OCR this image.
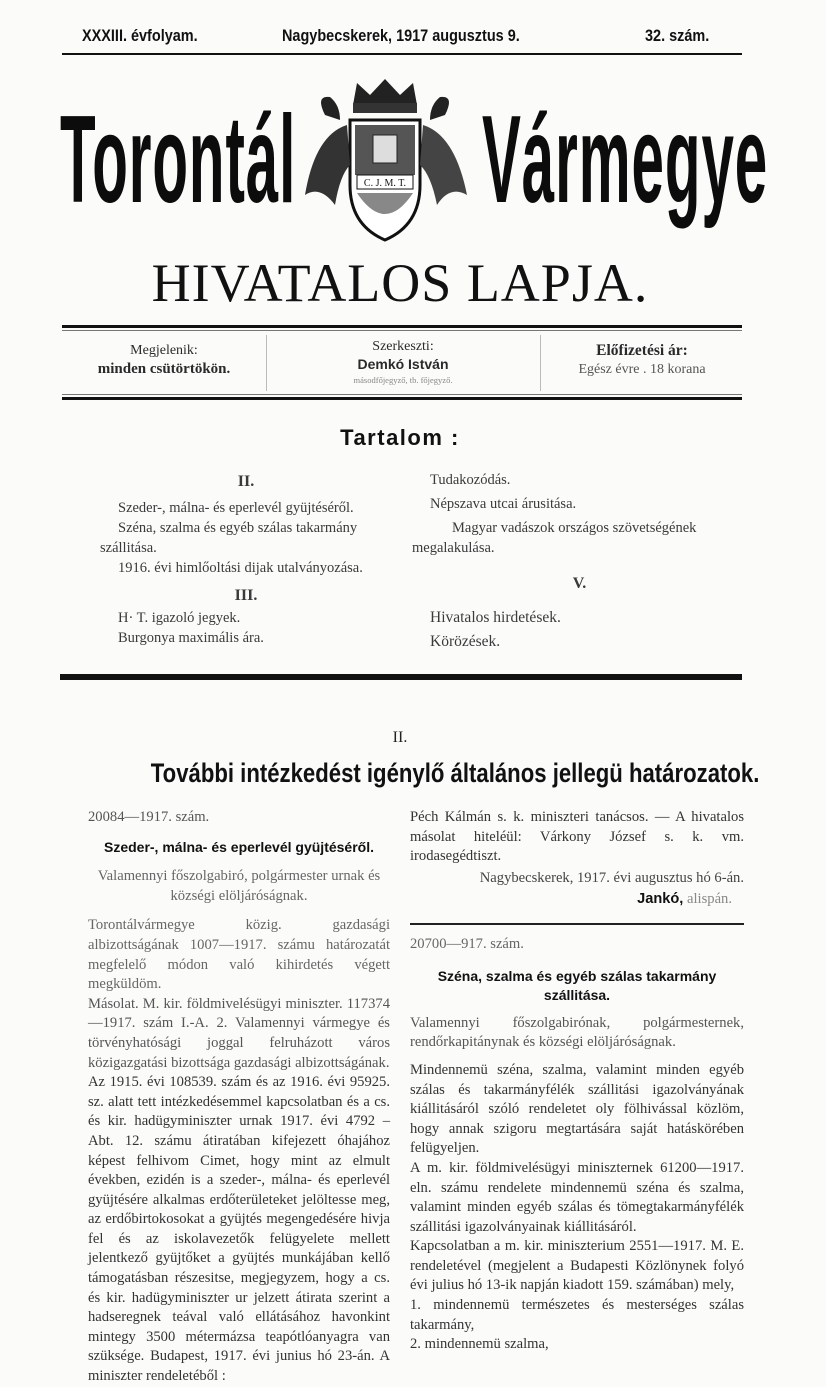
XXXIII. évfolyam.	Nagybecskerek, 1917 augusztus 9.	32. szám.
Torontál Vármegye
C. J. M. T.
HIVATALOS LAPJA.
Megjelenik:
minden csütörtökön.
Szerkeszti:
Demkó István
másodfőjegyző, tb. főjegyző.
Előfizetési ár:
Egész évre . 18 korana
Tartalom :
II.

Szeder-, málna- és eperlevél gyüjtéséről.

Széna, szalma és egyéb szálas takarmány szállitása.

1916. évi himlőoltási dijak utalványozása.

III.

H· T. igazoló jegyek.

Burgonya maximális ára.

Tudakozódás.

Népszava utcai árusitása.

Magyar vadászok országos szövetségének megalakulása.

V.

Hivatalos hirdetések.

Körözések.

II.
További intézkedést igénylő általános jellegü határozatok.

20084—1917. szám.

Szeder-, málna- és eperlevél gyüjtéséről.

Valamennyi főszolgabiró, polgármester urnak és községi elöljáróságnak.

Torontálvármegye közig. gazdasági albizottságának 1007—1917. számu határozatát megfelelő módon való kihirdetés végett megküldöm.

Másolat. M. kir. földmivelésügyi miniszter. 117374—1917. szám I.-A. 2. Valamennyi vármegye és törvényhatósági joggal felruházott város közigazgatási bizottsága gazdasági albizottságának.

Az 1915. évi 108539. szám és az 1916. évi 95925. sz. alatt tett intézkedésemmel kapcsolatban és a cs. és kir. hadügyminiszter urnak 1917. évi 4792 – Abt. 12. számu átiratában kifejezett óhajához képest felhivom Cimet, hogy mint az elmult években, ezidén is a szeder-, málna- és eperlevél gyüjtésére alkalmas erdőterületeket jelöltesse meg, az erdőbirtokosokat a gyüjtés megengedésére hivja fel és az iskolavezetők felügyelete mellett jelentkező gyüjtőket a gyüjtés munkájában kellő támogatásban részesitse, megjegyzem, hogy a cs. és kir. hadügyminiszter ur jelzett átirata szerint a hadseregnek teával való ellátásához havonkint mintegy 3500 métermázsa teapótlóanyagra van szüksége. Budapest, 1917. évi junius hó 23-án. A miniszter rendeletéből :

Péch Kálmán s. k. miniszteri tanácsos. — A hivatalos másolat hiteléül: Várkony József s. k. vm. irodasegédtiszt.

Nagybecskerek, 1917. évi augusztus hó 6-án.

Jankó, alispán.

20700—917. szám.

Széna, szalma és egyéb szálas takarmány szállitása.

Valamennyi főszolgabirónak, polgármesternek, rendőrkapitánynak és községi elöljáróságnak.

Mindennemü széna, szalma, valamint minden egyéb szálas és takarmányfélék szállitási igazolványának kiállitásáról szóló rendeletet oly fölhivással közlöm, hogy annak szigoru megtartására saját hatáskörében felügyeljen.

A m. kir. földmivelésügyi miniszternek 61200—1917. eln. számu rendelete mindennemü széna és szalma, valamint minden egyéb szálas és tömegtakarmányfélék szállitási igazolványainak kiállitásáról.

Kapcsolatban a m. kir. miniszterium 2551—1917. M. E. rendeletével (megjelent a Budapesti Közlönynek folyó évi julius hó 13-ik napján kiadott 159. számában) mely,

1. mindennemü természetes és mesterséges szálas takarmány,

2. mindennemü szalma,
